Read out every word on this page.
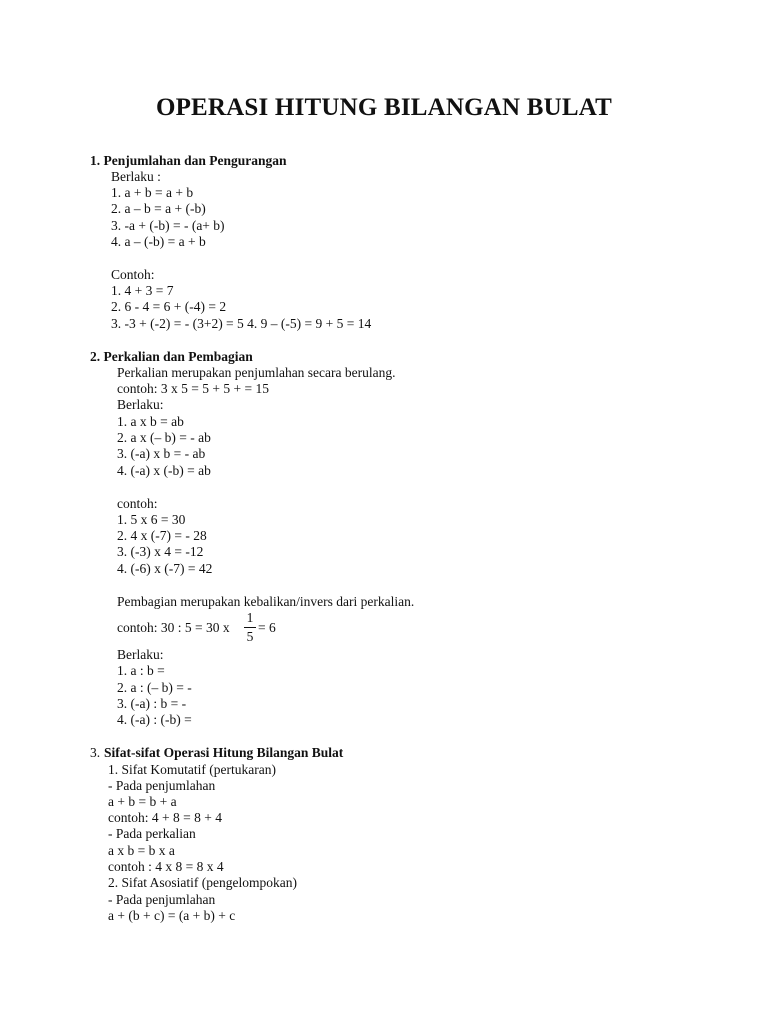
OPERASI HITUNG BILANGAN BULAT
1. Penjumlahan dan Pengurangan
Berlaku :
1. a + b = a + b
2. a – b = a + (-b)
3. -a + (-b) = - (a+ b)
4. a – (-b) = a + b
Contoh:
1. 4 + 3 = 7
2. 6 - 4 = 6 + (-4) = 2
3. -3 + (-2) = - (3+2) = 5 4. 9 – (-5) = 9 + 5 = 14
2. Perkalian dan Pembagian
Perkalian merupakan penjumlahan secara berulang.
contoh: 3 x 5 = 5 + 5 + = 15
Berlaku:
1. a x b = ab
2. a x (– b) = - ab
3. (-a) x b = - ab
4. (-a) x (-b) = ab
contoh:
1. 5 x 6 = 30
2. 4 x (-7) = - 28
3. (-3) x 4 = -12
4. (-6) x (-7) = 42
Pembagian merupakan kebalikan/invers dari perkalian.
contoh: 30 : 5 = 30 x
1
5
= 6
Berlaku:
1. a : b =
2. a : (– b) = -
3. (-a) : b = -
4. (-a) : (-b) =
3. Sifat-sifat Operasi Hitung Bilangan Bulat
1. Sifat Komutatif (pertukaran)
- Pada penjumlahan
a + b = b + a
contoh: 4 + 8 = 8 + 4
- Pada perkalian
a x b = b x a
contoh : 4 x 8 = 8 x 4
2. Sifat Asosiatif (pengelompokan)
- Pada penjumlahan
a + (b + c) = (a + b) + c
